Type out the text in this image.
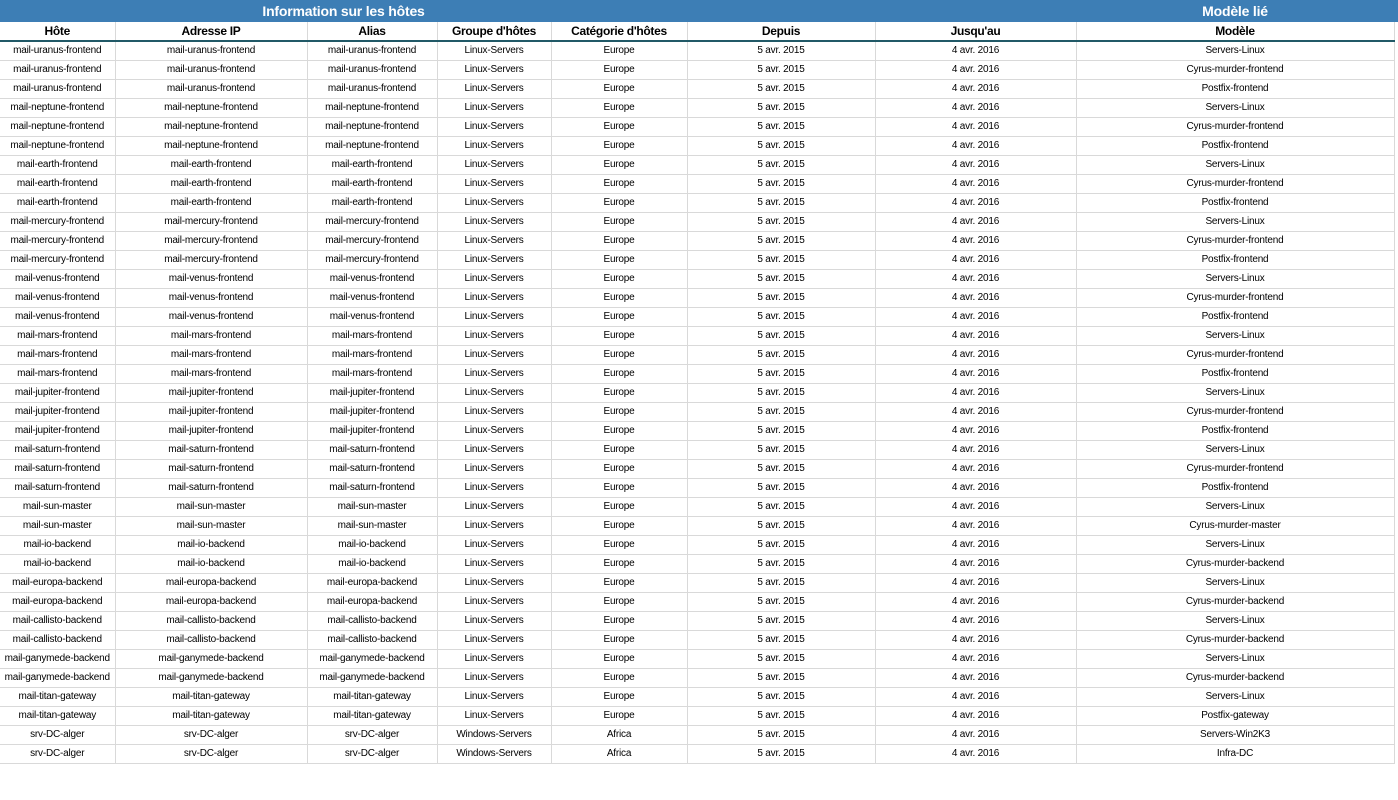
Information sur les hôtes	Modèle lié
Hôte	Adresse IP	Alias	Groupe d'hôtes	Catégorie d'hôtes	Depuis	Jusqu'au	Modèle
mail-uranus-frontend	mail-uranus-frontend	mail-uranus-frontend	Linux-Servers	Europe	5 avr. 2015	4 avr. 2016	Servers-Linux
mail-uranus-frontend	mail-uranus-frontend	mail-uranus-frontend	Linux-Servers	Europe	5 avr. 2015	4 avr. 2016	Cyrus-murder-frontend
mail-uranus-frontend	mail-uranus-frontend	mail-uranus-frontend	Linux-Servers	Europe	5 avr. 2015	4 avr. 2016	Postfix-frontend
mail-neptune-frontend	mail-neptune-frontend	mail-neptune-frontend	Linux-Servers	Europe	5 avr. 2015	4 avr. 2016	Servers-Linux
mail-neptune-frontend	mail-neptune-frontend	mail-neptune-frontend	Linux-Servers	Europe	5 avr. 2015	4 avr. 2016	Cyrus-murder-frontend
mail-neptune-frontend	mail-neptune-frontend	mail-neptune-frontend	Linux-Servers	Europe	5 avr. 2015	4 avr. 2016	Postfix-frontend
mail-earth-frontend	mail-earth-frontend	mail-earth-frontend	Linux-Servers	Europe	5 avr. 2015	4 avr. 2016	Servers-Linux
mail-earth-frontend	mail-earth-frontend	mail-earth-frontend	Linux-Servers	Europe	5 avr. 2015	4 avr. 2016	Cyrus-murder-frontend
mail-earth-frontend	mail-earth-frontend	mail-earth-frontend	Linux-Servers	Europe	5 avr. 2015	4 avr. 2016	Postfix-frontend
mail-mercury-frontend	mail-mercury-frontend	mail-mercury-frontend	Linux-Servers	Europe	5 avr. 2015	4 avr. 2016	Servers-Linux
mail-mercury-frontend	mail-mercury-frontend	mail-mercury-frontend	Linux-Servers	Europe	5 avr. 2015	4 avr. 2016	Cyrus-murder-frontend
mail-mercury-frontend	mail-mercury-frontend	mail-mercury-frontend	Linux-Servers	Europe	5 avr. 2015	4 avr. 2016	Postfix-frontend
mail-venus-frontend	mail-venus-frontend	mail-venus-frontend	Linux-Servers	Europe	5 avr. 2015	4 avr. 2016	Servers-Linux
mail-venus-frontend	mail-venus-frontend	mail-venus-frontend	Linux-Servers	Europe	5 avr. 2015	4 avr. 2016	Cyrus-murder-frontend
mail-venus-frontend	mail-venus-frontend	mail-venus-frontend	Linux-Servers	Europe	5 avr. 2015	4 avr. 2016	Postfix-frontend
mail-mars-frontend	mail-mars-frontend	mail-mars-frontend	Linux-Servers	Europe	5 avr. 2015	4 avr. 2016	Servers-Linux
mail-mars-frontend	mail-mars-frontend	mail-mars-frontend	Linux-Servers	Europe	5 avr. 2015	4 avr. 2016	Cyrus-murder-frontend
mail-mars-frontend	mail-mars-frontend	mail-mars-frontend	Linux-Servers	Europe	5 avr. 2015	4 avr. 2016	Postfix-frontend
mail-jupiter-frontend	mail-jupiter-frontend	mail-jupiter-frontend	Linux-Servers	Europe	5 avr. 2015	4 avr. 2016	Servers-Linux
mail-jupiter-frontend	mail-jupiter-frontend	mail-jupiter-frontend	Linux-Servers	Europe	5 avr. 2015	4 avr. 2016	Cyrus-murder-frontend
mail-jupiter-frontend	mail-jupiter-frontend	mail-jupiter-frontend	Linux-Servers	Europe	5 avr. 2015	4 avr. 2016	Postfix-frontend
mail-saturn-frontend	mail-saturn-frontend	mail-saturn-frontend	Linux-Servers	Europe	5 avr. 2015	4 avr. 2016	Servers-Linux
mail-saturn-frontend	mail-saturn-frontend	mail-saturn-frontend	Linux-Servers	Europe	5 avr. 2015	4 avr. 2016	Cyrus-murder-frontend
mail-saturn-frontend	mail-saturn-frontend	mail-saturn-frontend	Linux-Servers	Europe	5 avr. 2015	4 avr. 2016	Postfix-frontend
mail-sun-master	mail-sun-master	mail-sun-master	Linux-Servers	Europe	5 avr. 2015	4 avr. 2016	Servers-Linux
mail-sun-master	mail-sun-master	mail-sun-master	Linux-Servers	Europe	5 avr. 2015	4 avr. 2016	Cyrus-murder-master
mail-io-backend	mail-io-backend	mail-io-backend	Linux-Servers	Europe	5 avr. 2015	4 avr. 2016	Servers-Linux
mail-io-backend	mail-io-backend	mail-io-backend	Linux-Servers	Europe	5 avr. 2015	4 avr. 2016	Cyrus-murder-backend
mail-europa-backend	mail-europa-backend	mail-europa-backend	Linux-Servers	Europe	5 avr. 2015	4 avr. 2016	Servers-Linux
mail-europa-backend	mail-europa-backend	mail-europa-backend	Linux-Servers	Europe	5 avr. 2015	4 avr. 2016	Cyrus-murder-backend
mail-callisto-backend	mail-callisto-backend	mail-callisto-backend	Linux-Servers	Europe	5 avr. 2015	4 avr. 2016	Servers-Linux
mail-callisto-backend	mail-callisto-backend	mail-callisto-backend	Linux-Servers	Europe	5 avr. 2015	4 avr. 2016	Cyrus-murder-backend
mail-ganymede-backend	mail-ganymede-backend	mail-ganymede-backend	Linux-Servers	Europe	5 avr. 2015	4 avr. 2016	Servers-Linux
mail-ganymede-backend	mail-ganymede-backend	mail-ganymede-backend	Linux-Servers	Europe	5 avr. 2015	4 avr. 2016	Cyrus-murder-backend
mail-titan-gateway	mail-titan-gateway	mail-titan-gateway	Linux-Servers	Europe	5 avr. 2015	4 avr. 2016	Servers-Linux
mail-titan-gateway	mail-titan-gateway	mail-titan-gateway	Linux-Servers	Europe	5 avr. 2015	4 avr. 2016	Postfix-gateway
srv-DC-alger	srv-DC-alger	srv-DC-alger	Windows-Servers	Africa	5 avr. 2015	4 avr. 2016	Servers-Win2K3
srv-DC-alger	srv-DC-alger	srv-DC-alger	Windows-Servers	Africa	5 avr. 2015	4 avr. 2016	Infra-DC
